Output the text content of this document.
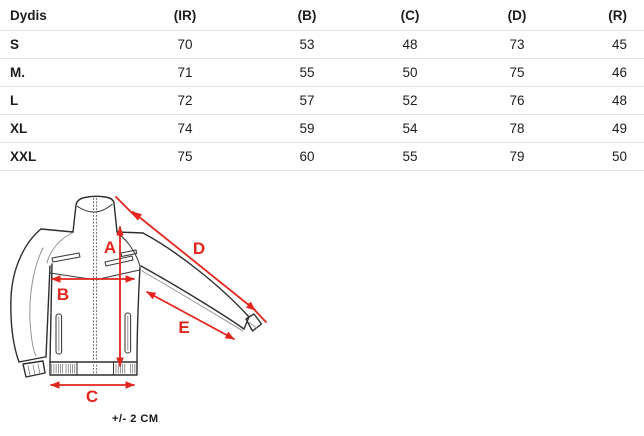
Dydis	(IR)	(B)	(C)	(D)	(R)
S	70	53	48	73	45
M.	71	55	50	75	46
L	72	57	52	76	48
XL	74	59	54	78	49
XXL	75	60	55	79	50
A
B
C
D
E
+/- 2 CM
